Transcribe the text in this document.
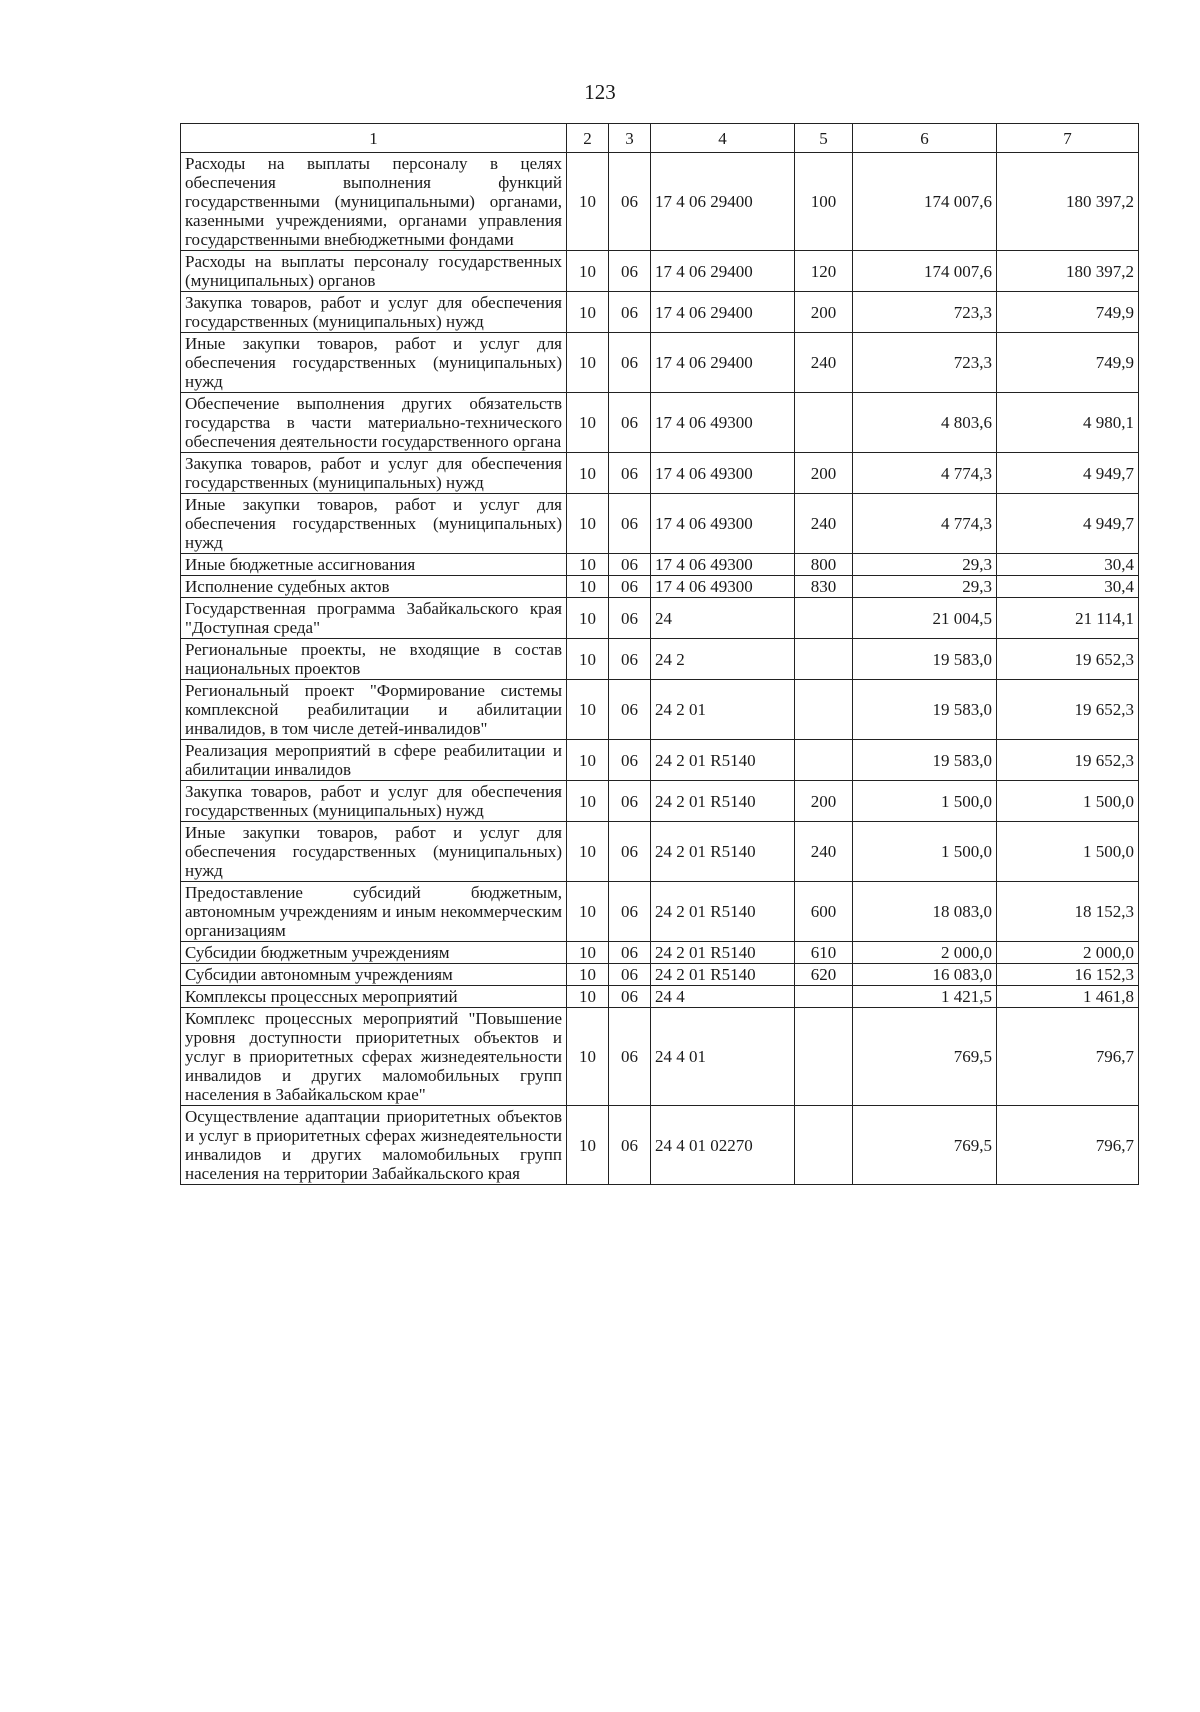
123
1	2	3	4	5	6	7
Расходы на выплаты персоналу в целях обеспечения выполнения функций государственными (муниципальными) органами, казенными учреждениями, органами управления государственными внебюджетными фондами	10	06	17 4 06 29400	100	174 007,6	180 397,2
Расходы на выплаты персоналу государственных (муниципальных) органов	10	06	17 4 06 29400	120	174 007,6	180 397,2
Закупка товаров, работ и услуг для обеспечения государственных (муниципальных) нужд	10	06	17 4 06 29400	200	723,3	749,9
Иные закупки товаров, работ и услуг для обеспечения государственных (муниципальных) нужд	10	06	17 4 06 29400	240	723,3	749,9
Обеспечение выполнения других обязательств государства в части материально-технического обеспечения деятельности государственного органа	10	06	17 4 06 49300		4 803,6	4 980,1
Закупка товаров, работ и услуг для обеспечения государственных (муниципальных) нужд	10	06	17 4 06 49300	200	4 774,3	4 949,7
Иные закупки товаров, работ и услуг для обеспечения государственных (муниципальных) нужд	10	06	17 4 06 49300	240	4 774,3	4 949,7
Иные бюджетные ассигнования	10	06	17 4 06 49300	800	29,3	30,4
Исполнение судебных актов	10	06	17 4 06 49300	830	29,3	30,4
Государственная программа Забайкальского края "Доступная среда"	10	06	24		21 004,5	21 114,1
Региональные проекты, не входящие в состав национальных проектов	10	06	24 2		19 583,0	19 652,3
Региональный проект "Формирование системы комплексной реабилитации и абилитации инвалидов, в том числе детей-инвалидов"	10	06	24 2 01		19 583,0	19 652,3
Реализация мероприятий в сфере реабилитации и абилитации инвалидов	10	06	24 2 01 R5140		19 583,0	19 652,3
Закупка товаров, работ и услуг для обеспечения государственных (муниципальных) нужд	10	06	24 2 01 R5140	200	1 500,0	1 500,0
Иные закупки товаров, работ и услуг для обеспечения государственных (муниципальных) нужд	10	06	24 2 01 R5140	240	1 500,0	1 500,0
Предоставление субсидий бюджетным, автономным учреждениям и иным некоммерческим организациям	10	06	24 2 01 R5140	600	18 083,0	18 152,3
Субсидии бюджетным учреждениям	10	06	24 2 01 R5140	610	2 000,0	2 000,0
Субсидии автономным учреждениям	10	06	24 2 01 R5140	620	16 083,0	16 152,3
Комплексы процессных мероприятий	10	06	24 4		1 421,5	1 461,8
Комплекс процессных мероприятий "Повышение уровня доступности приоритетных объектов и услуг в приоритетных сферах жизнедеятельности инвалидов и других маломобильных групп населения в Забайкальском крае"	10	06	24 4 01		769,5	796,7
Осуществление адаптации приоритетных объектов и услуг в приоритетных сферах жизнедеятельности инвалидов и других маломобильных групп населения на территории Забайкальского края	10	06	24 4 01 02270		769,5	796,7
